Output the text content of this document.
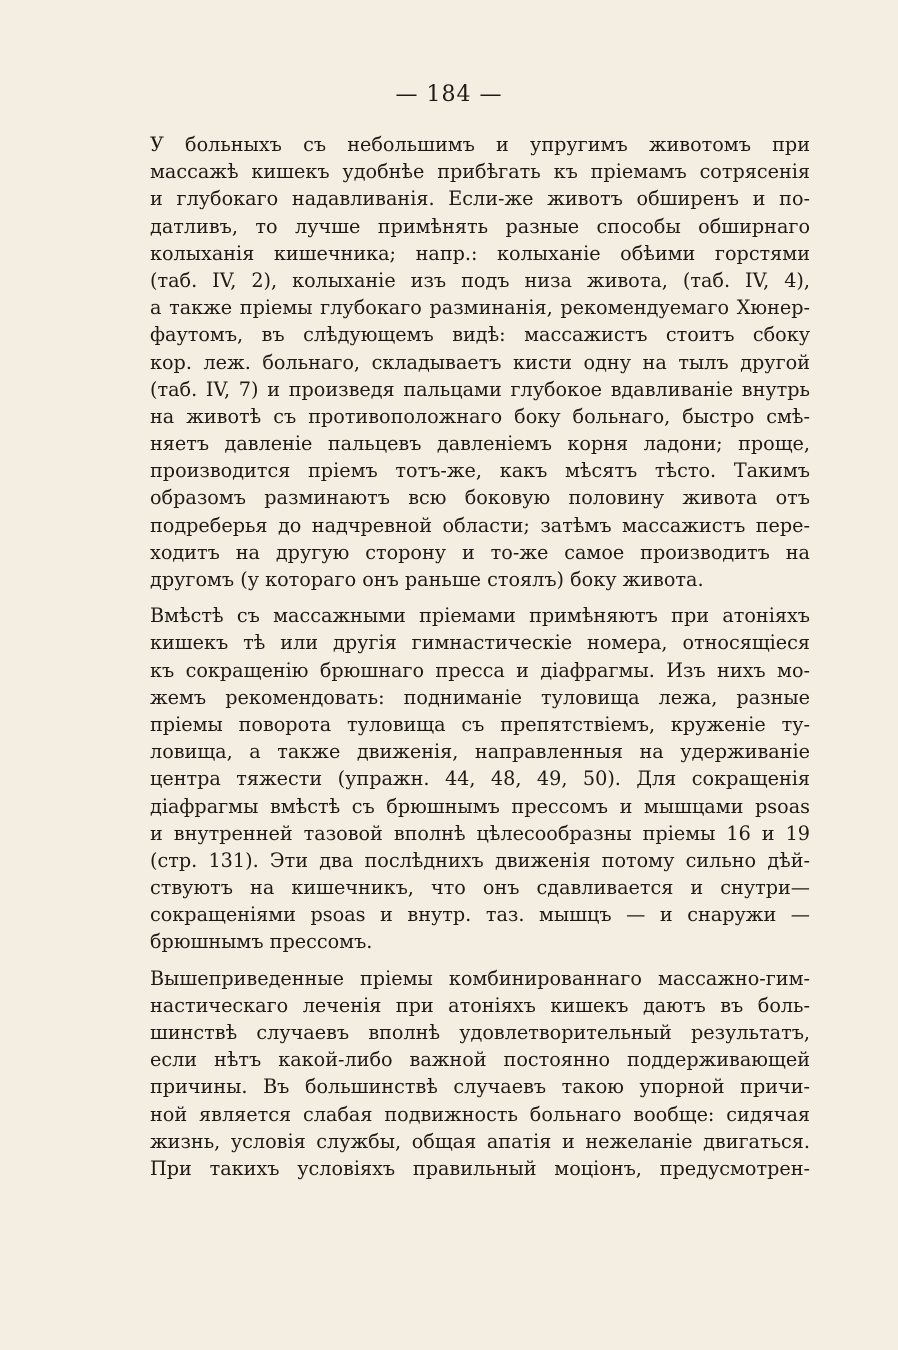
— 184 —

У больныхъ съ небольшимъ и упругимъ животомъ при
массажѣ кишекъ удобнѣе прибѣгать къ пріемамъ сотрясенія
и глубокаго надавливанія. Если-же животъ обширенъ и по-
датливъ, то лучше примѣнять разные способы обширнаго
колыханія кишечника; напр.: колыханіе обѣими горстями
(таб. IV, 2), колыханіе изъ подъ низа живота, (таб. IV, 4),
а также пріемы глубокаго разминанія, рекомендуемаго Хюнер-
фаутомъ, въ слѣдующемъ видѣ: массажистъ стоитъ сбоку
кор. леж. больнаго, складываетъ кисти одну на тылъ другой
(таб. IV, 7) и произведя пальцами глубокое вдавливаніе внутрь
на животѣ съ противоположнаго боку больнаго, быстро смѣ-
няетъ давленіе пальцевъ давленіемъ корня ладони; проще,
производится пріемъ тотъ-же, какъ мѣсятъ тѣсто. Такимъ
образомъ разминаютъ всю боковую половину живота отъ
подреберья до надчревной области; затѣмъ массажистъ пере-
ходитъ на другую сторону и то-же самое производитъ на
другомъ (у котораго онъ раньше стоялъ) боку живота.

Вмѣстѣ съ массажными пріемами примѣняютъ при атоніяхъ
кишекъ тѣ или другія гимнастическіе номера, относящіеся
къ сокращенію брюшнаго пресса и діафрагмы. Изъ нихъ мо-
жемъ рекомендовать: подниманіе туловища лежа, разные
пріемы поворота туловища съ препятствіемъ, круженіе ту-
ловища, а также движенія, направленныя на удерживаніе
центра тяжести (упражн. 44, 48, 49, 50). Для сокращенія
діафрагмы вмѣстѣ съ брюшнымъ прессомъ и мышцами psoas
и внутренней тазовой вполнѣ цѣлесообразны пріемы 16 и 19
(стр. 131). Эти два послѣднихъ движенія потому сильно дѣй-
ствуютъ на кишечникъ, что онъ сдавливается и снутри—
сокращеніями psoas и внутр. таз. мышцъ — и снаружи —
брюшнымъ прессомъ.

Вышеприведенные пріемы комбинированнаго массажно-гим-
настическаго леченія при атоніяхъ кишекъ даютъ въ боль-
шинствѣ случаевъ вполнѣ удовлетворительный результатъ,
если нѣтъ какой-либо важной постоянно поддерживающей
причины. Въ большинствѣ случаевъ такою упорной причи-
ной является слабая подвижность больнаго вообще: сидячая
жизнь, условія службы, общая апатія и нежеланіе двигаться.
При такихъ условіяхъ правильный моціонъ, предусмотрен-
